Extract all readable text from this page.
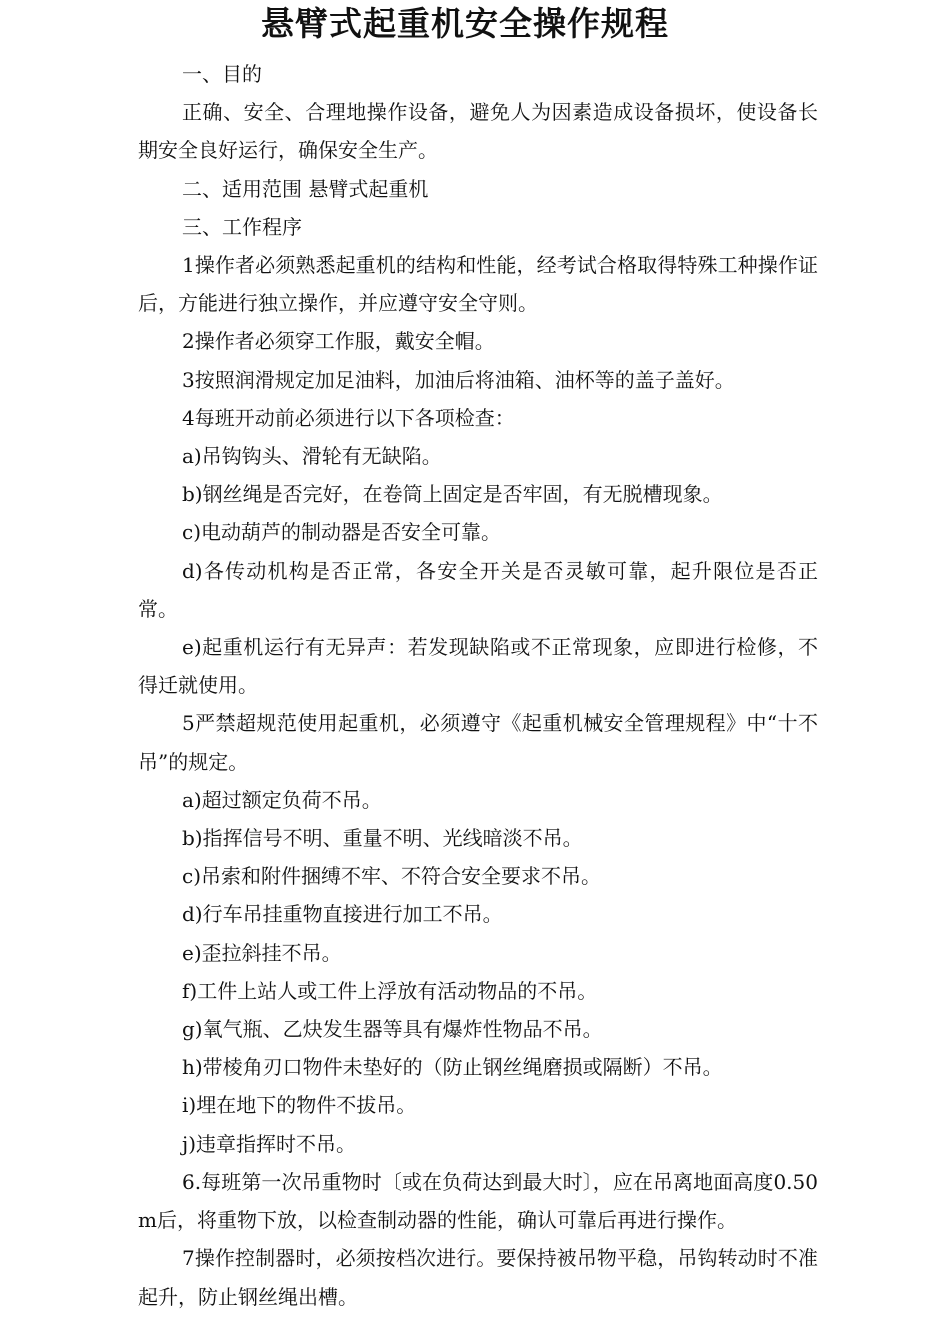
悬臂式起重机安全操作规程

一、目的

正确、安全、合理地操作设备，避免人为因素造成设备损坏，使设备长期安全良好运行，确保安全生产。

二、适用范围 悬臂式起重机

三、工作程序

1操作者必须熟悉起重机的结构和性能，经考试合格取得特殊工种操作证后，方能进行独立操作，并应遵守安全守则。

2操作者必须穿工作服，戴安全帽。

3按照润滑规定加足油料，加油后将油箱、油杯等的盖子盖好。

4每班开动前必须进行以下各项检查：

a)吊钩钩头、滑轮有无缺陷。

b)钢丝绳是否完好，在卷筒上固定是否牢固，有无脱槽现象。

c)电动葫芦的制动器是否安全可靠。

d)各传动机构是否正常，各安全开关是否灵敏可靠，起升限位是否正常。

e)起重机运行有无异声：若发现缺陷或不正常现象，应即进行检修，不得迁就使用。

5严禁超规范使用起重机，必须遵守《起重机械安全管理规程》中“十不吊”的规定。

a)超过额定负荷不吊。

b)指挥信号不明、重量不明、光线暗淡不吊。

c)吊索和附件捆缚不牢、不符合安全要求不吊。

d)行车吊挂重物直接进行加工不吊。

e)歪拉斜挂不吊。

f)工件上站人或工件上浮放有活动物品的不吊。

g)氧气瓶、乙炔发生器等具有爆炸性物品不吊。

h)带棱角刃口物件未垫好的（防止钢丝绳磨损或隔断）不吊。

i)埋在地下的物件不拔吊。

j)违章指挥时不吊。

6.每班第一次吊重物时〔或在负荷达到最大时〕，应在吊离地面高度0.50 m后，将重物下放，以检查制动器的性能，确认可靠后再进行操作。

7操作控制器时，必须按档次进行。要保持被吊物平稳，吊钩转动时不准起升，防止钢丝绳出槽。
